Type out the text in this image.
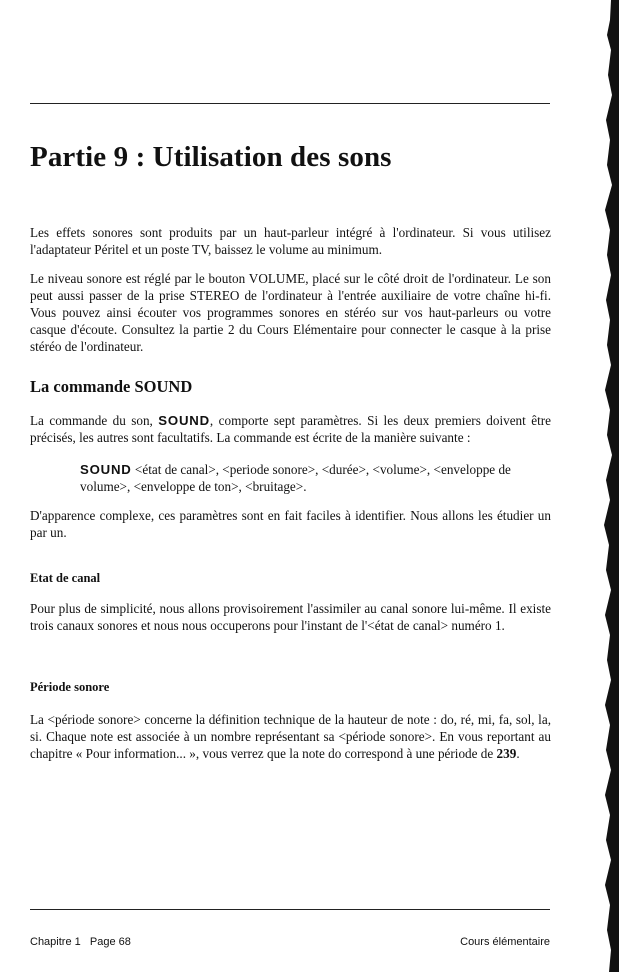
Partie 9 : Utilisation des sons

Les effets sonores sont produits par un haut-parleur intégré à l'ordinateur. Si vous utilisez l'adaptateur Péritel et un poste TV, baissez le volume au minimum.

Le niveau sonore est réglé par le bouton VOLUME, placé sur le côté droit de l'ordinateur. Le son peut aussi passer de la prise STEREO de l'ordinateur à l'entrée auxiliaire de votre chaîne hi-fi. Vous pouvez ainsi écouter vos programmes sonores en stéréo sur vos haut-parleurs ou votre casque d'écoute. Consultez la partie 2 du Cours Elémentaire pour connecter le casque à la prise stéréo de l'ordinateur.

La commande SOUND

La commande du son, SOUND, comporte sept paramètres. Si les deux premiers doivent être précisés, les autres sont facultatifs. La commande est écrite de la manière suivante :

SOUND <état de canal>, <periode sonore>, <durée>, <volume>, <enveloppe de volume>, <enveloppe de ton>, <bruitage>.

D'apparence complexe, ces paramètres sont en fait faciles à identifier. Nous allons les étudier un par un.

Etat de canal

Pour plus de simplicité, nous allons provisoirement l'assimiler au canal sonore lui-même. Il existe trois canaux sonores et nous nous occuperons pour l'instant de l'<état de canal> numéro 1.

Période sonore

La <période sonore> concerne la définition technique de la hauteur de note : do, ré, mi, fa, sol, la, si. Chaque note est associée à un nombre représentant sa <période sonore>. En vous reportant au chapitre « Pour information... », vous verrez que la note do correspond à une période de 239.

Chapitre 1   Page 68	Cours élémentaire
